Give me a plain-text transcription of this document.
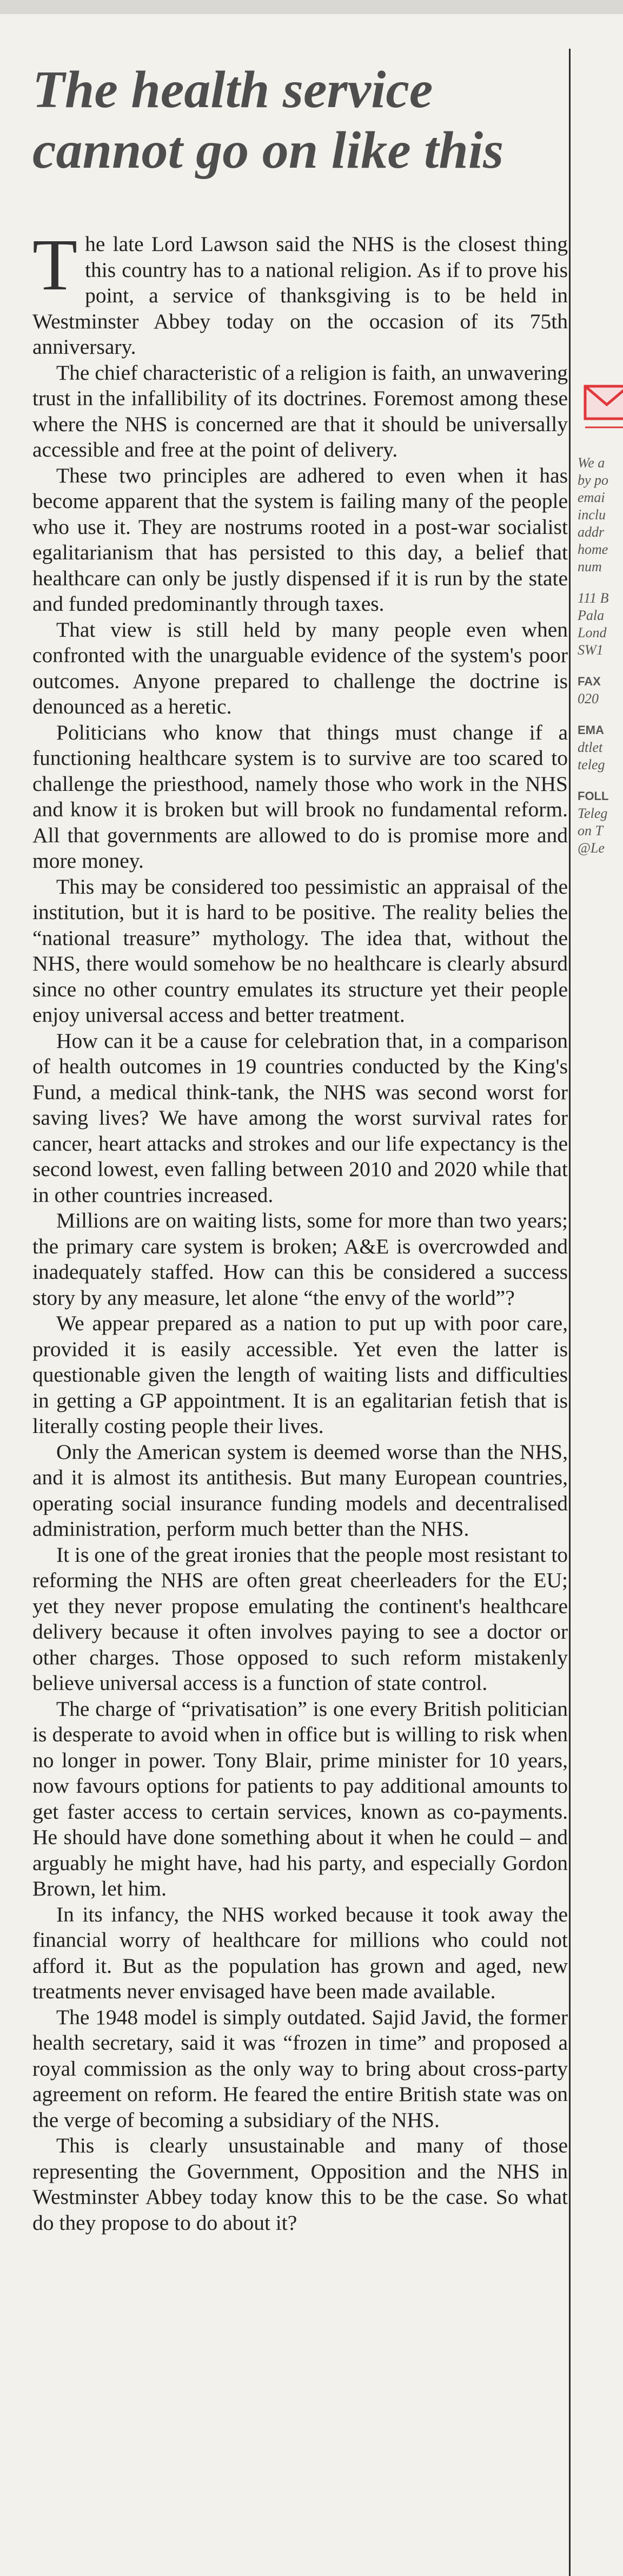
The health service
cannot go on like this

The late Lord Lawson said the NHS is the closest thing this country has to a national religion. As if to prove his point, a service of thanksgiving is to be held in Westminster Abbey today on the occasion of its 75th anniversary.

The chief characteristic of a religion is faith, an unwavering trust in the infallibility of its doctrines. Foremost among these where the NHS is concerned are that it should be universally accessible and free at the point of delivery.

These two principles are adhered to even when it has become apparent that the system is failing many of the people who use it. They are nostrums rooted in a post-war socialist egalitarianism that has persisted to this day, a belief that healthcare can only be justly dispensed if it is run by the state and funded predominantly through taxes.

That view is still held by many people even when confronted with the unarguable evidence of the system's poor outcomes. Anyone prepared to challenge the doctrine is denounced as a heretic.

Politicians who know that things must change if a functioning healthcare system is to survive are too scared to challenge the priesthood, namely those who work in the NHS and know it is broken but will brook no fundamental reform. All that governments are allowed to do is promise more and more money.

This may be considered too pessimistic an appraisal of the institution, but it is hard to be positive. The reality belies the “national treasure” mythology. The idea that, without the NHS, there would somehow be no healthcare is clearly absurd since no other country emulates its structure yet their people enjoy universal access and better treatment.

How can it be a cause for celebration that, in a comparison of health outcomes in 19 countries conducted by the King's Fund, a medical think-tank, the NHS was second worst for saving lives? We have among the worst survival rates for cancer, heart attacks and strokes and our life expectancy is the second lowest, even falling between 2010 and 2020 while that in other countries increased.

Millions are on waiting lists, some for more than two years; the primary care system is broken; A&E is overcrowded and inadequately staffed. How can this be considered a success story by any measure, let alone “the envy of the world”?

We appear prepared as a nation to put up with poor care, provided it is easily accessible. Yet even the latter is questionable given the length of waiting lists and difficulties in getting a GP appointment. It is an egalitarian fetish that is literally costing people their lives.

Only the American system is deemed worse than the NHS, and it is almost its antithesis. But many European countries, operating social insurance funding models and decentralised administration, perform much better than the NHS.

It is one of the great ironies that the people most resistant to reforming the NHS are often great cheerleaders for the EU; yet they never propose emulating the continent's healthcare delivery because it often involves paying to see a doctor or other charges. Those opposed to such reform mistakenly believe universal access is a function of state control.

The charge of “privatisation” is one every British politician is desperate to avoid when in office but is willing to risk when no longer in power. Tony Blair, prime minister for 10 years, now favours options for patients to pay additional amounts to get faster access to certain services, known as co-payments. He should have done something about it when he could – and arguably he might have, had his party, and especially Gordon Brown, let him.

In its infancy, the NHS worked because it took away the financial worry of healthcare for millions who could not afford it. But as the population has grown and aged, new treatments never envisaged have been made available.

The 1948 model is simply outdated. Sajid Javid, the former health secretary, said it was “frozen in time” and proposed a royal commission as the only way to bring about cross-party agreement on reform. He feared the entire British state was on the verge of becoming a subsidiary of the NHS.

This is clearly unsustainable and many of those representing the Government, Opposition and the NHS in Westminster Abbey today know this to be the case. So what do they propose to do about it?

We a
by po
emai
inclu
addr
home
num
111 B
Pala
Lond
SW1
FAX
020
EMA
dtlet
teleg
FOLL
Teleg
on T
@Le
